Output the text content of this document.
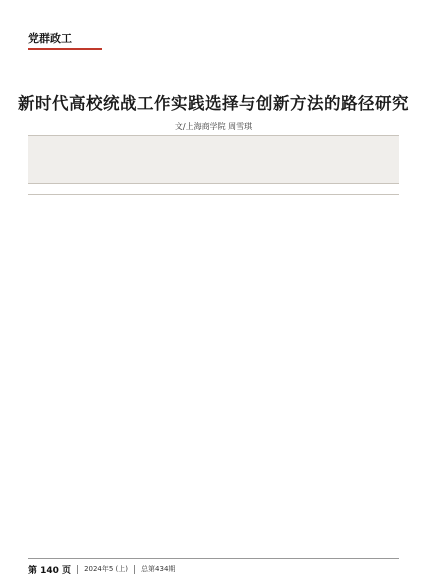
党群政工
新时代高校统战工作实践选择与创新方法的路径研究
文/上海商学院 周雪琪
第 140 页 2024年5 (上) 总第434期
